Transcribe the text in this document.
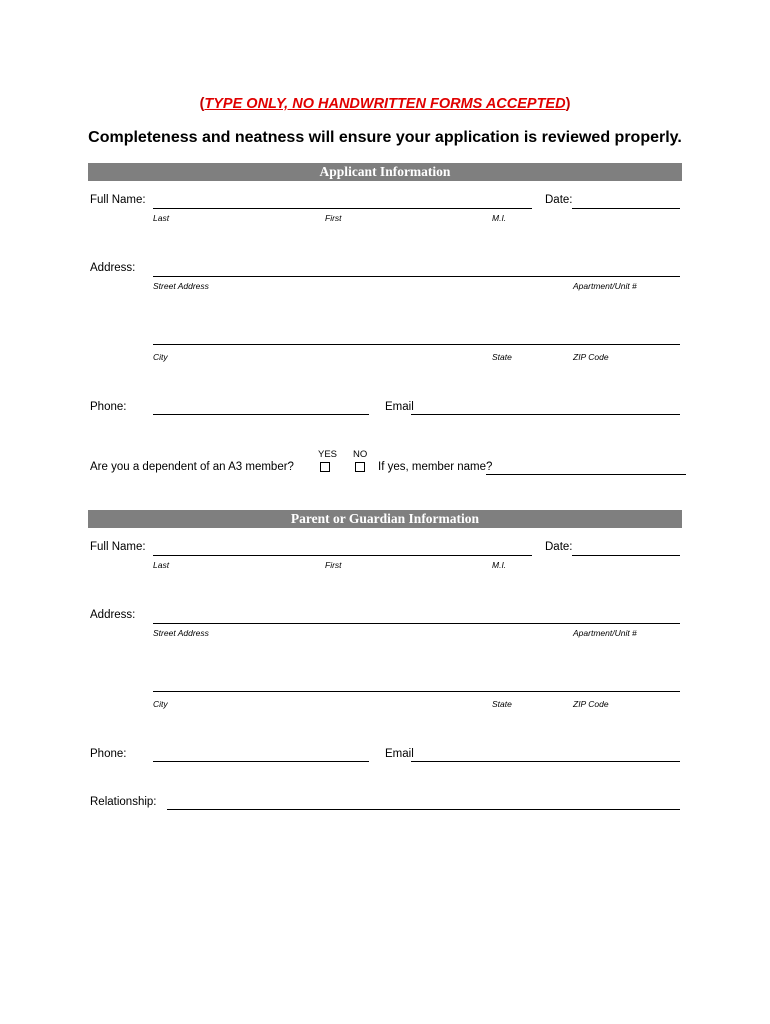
(TYPE ONLY, NO HANDWRITTEN FORMS ACCEPTED)
Completeness and neatness will ensure your application is reviewed properly.
Applicant Information
Full Name:	Date:
Last	First	M.I.
Address:
Street Address	Apartment/Unit #
City	State	ZIP Code
Phone:	Email
YES NO
Are you a dependent of an A3 member?	If yes, member name?
Parent or Guardian Information
Full Name:	Date:
Last	First	M.I.
Address:
Street Address	Apartment/Unit #
City	State	ZIP Code
Phone:	Email
Relationship:
